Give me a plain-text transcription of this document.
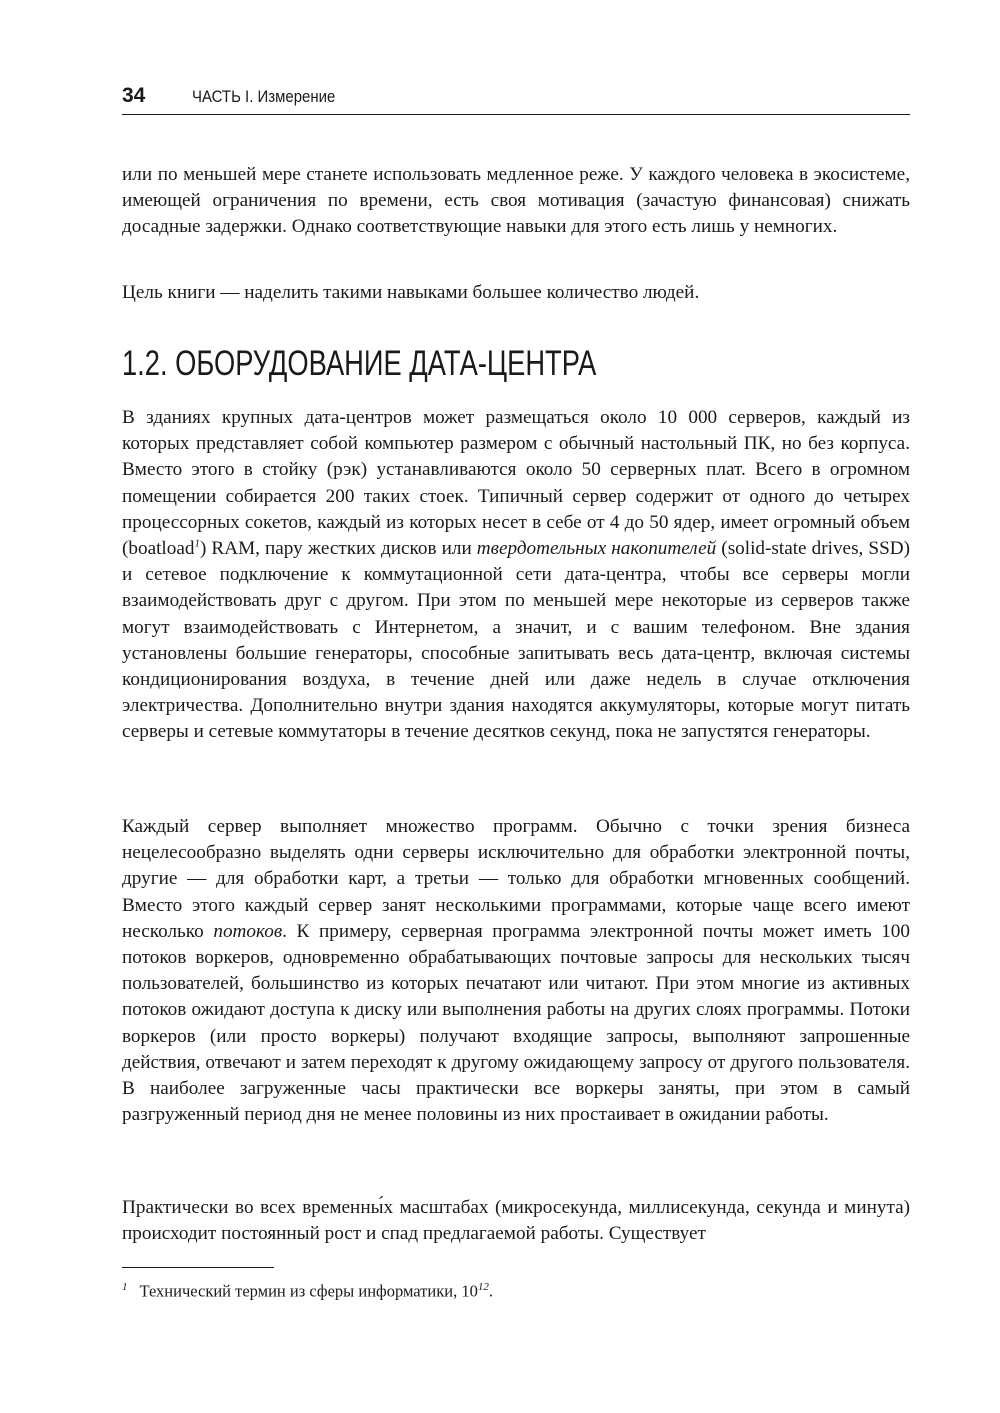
34	ЧАСТЬ I. Измерение

или по меньшей мере станете использовать медленное реже. У каждого человека в экосистеме, имеющей ограничения по времени, есть своя мотивация (зачастую финансовая) снижать досадные задержки. Однако соответствующие навыки для этого есть лишь у немногих.

Цель книги — наделить такими навыками большее количество людей.

1.2. ОБОРУДОВАНИЕ ДАТА-ЦЕНТРА

В зданиях крупных дата-центров может размещаться около 10 000 серверов, каждый из которых представляет собой компьютер размером с обычный настольный ПК, но без корпуса. Вместо этого в стойку (рэк) устанавливаются около 50 серверных плат. Всего в огромном помещении собирается 200 таких стоек. Типичный сервер содержит от одного до четырех процессорных сокетов, каждый из которых несет в себе от 4 до 50 ядер, имеет огромный объем (boatload$^1$) RAM, пару жестких дисков или твердотельных накопителей (solid-state drives, SSD) и сетевое подключение к коммутационной сети дата-центра, чтобы все серверы могли взаимодействовать друг с другом. При этом по меньшей мере некоторые из серверов также могут взаимодействовать с Интернетом, а значит, и с вашим телефоном. Вне здания установлены большие генераторы, способные запитывать весь дата-центр, включая системы кондиционирования воздуха, в течение дней или даже недель в случае отключения электричества. Дополнительно внутри здания находятся аккумуляторы, которые могут питать серверы и сетевые коммутаторы в течение десятков секунд, пока не запустятся генераторы.

Каждый сервер выполняет множество программ. Обычно с точки зрения бизнеса нецелесообразно выделять одни серверы исключительно для обработки электронной почты, другие — для обработки карт, а третьи — только для обработки мгновенных сообщений. Вместо этого каждый сервер занят несколькими программами, которые чаще всего имеют несколько потоков. К примеру, серверная программа электронной почты может иметь 100 потоков воркеров, одновременно обрабатывающих почтовые запросы для нескольких тысяч пользователей, большинство из которых печатают или читают. При этом многие из активных потоков ожидают доступа к диску или выполнения работы на других слоях программы. Потоки воркеров (или просто воркеры) получают входящие запросы, выполняют запрошенные действия, отвечают и затем переходят к другому ожидающему запросу от другого пользователя. В наиболее загруженные часы практически все воркеры заняты, при этом в самый разгруженный период дня не менее половины из них простаивает в ожидании работы.

Практически во всех временны́х масштабах (микросекунда, миллисекунда, секунда и минута) происходит постоянный рост и спад предлагаемой работы. Существует

$^1$ Технический термин из сферы информатики, $10^{12}$.
